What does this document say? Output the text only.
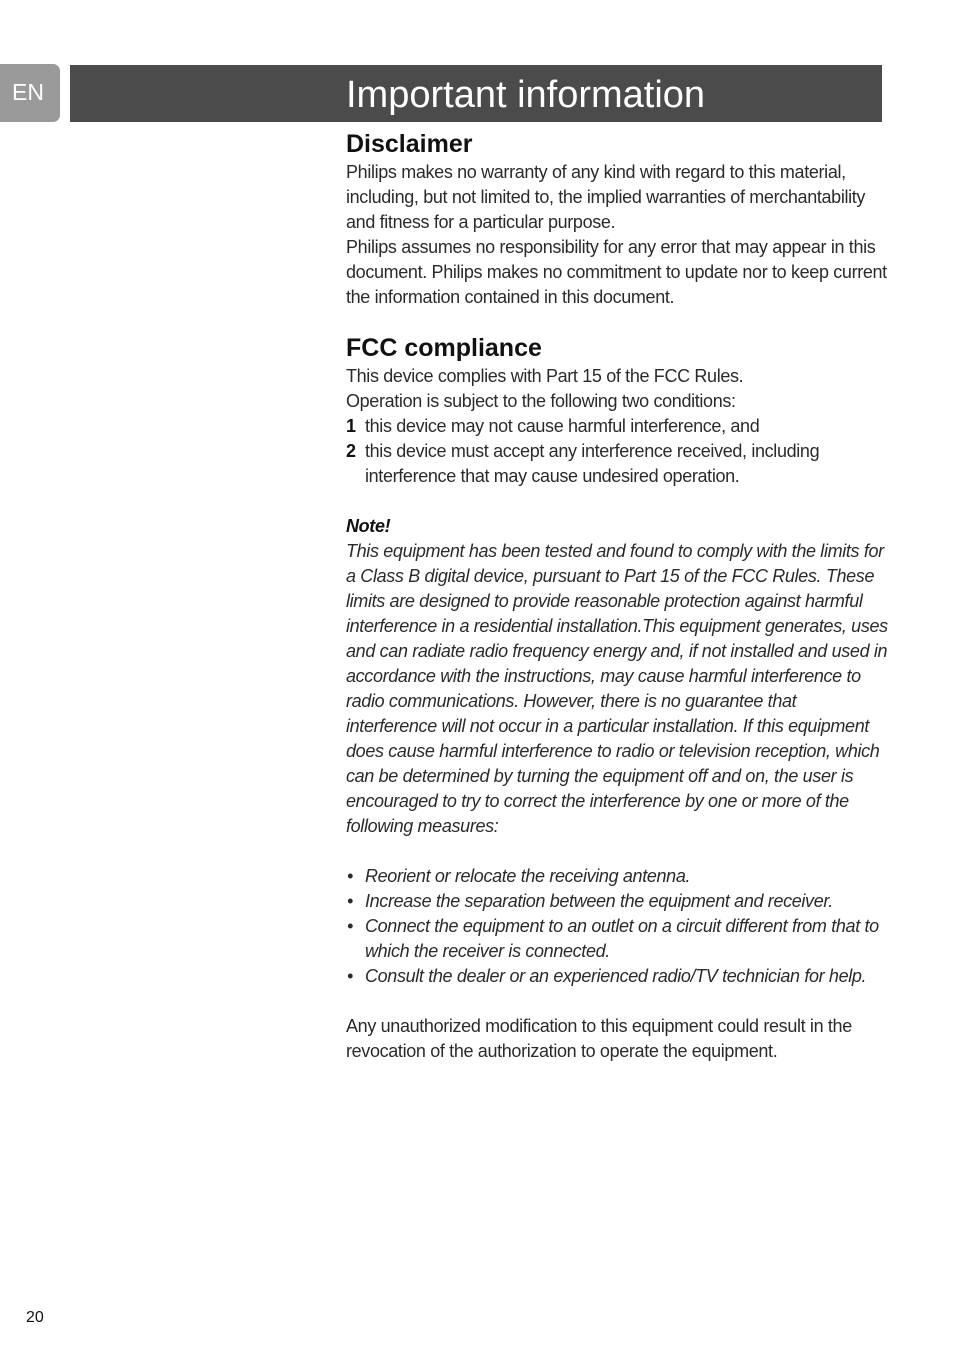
EN	Important information
Disclaimer

Philips makes no warranty of any kind with regard to this material, including, but not limited to, the implied warranties of merchantability and fitness for a particular purpose.

Philips assumes no responsibility for any error that may appear in this document. Philips makes no commitment to update nor to keep current the information contained in this document.

FCC compliance

This device complies with Part 15 of the FCC Rules.

Operation is subject to the following two conditions:

1 this device may not cause harmful interference, and
2 this device must accept any interference received, including interference that may cause undesired operation.

Note!

This equipment has been tested and found to comply with the limits for a Class B digital device, pursuant to Part 15 of the FCC Rules. These limits are designed to provide reasonable protection against harmful interference in a residential installation.This equipment generates, uses and can radiate radio frequency energy and, if not installed and used in accordance with the instructions, may cause harmful interference to radio communications. However, there is no guarantee that interference will not occur in a particular installation. If this equipment does cause harmful interference to radio or television reception, which can be determined by turning the equipment off and on, the user is encouraged to try to correct the interference by one or more of the following measures:

• Reorient or relocate the receiving antenna.
• Increase the separation between the equipment and receiver.
• Connect the equipment to an outlet on a circuit different from that to which the receiver is connected.
• Consult the dealer or an experienced radio/TV technician for help.

Any unauthorized modification to this equipment could result in the revocation of the authorization to operate the equipment.

20
